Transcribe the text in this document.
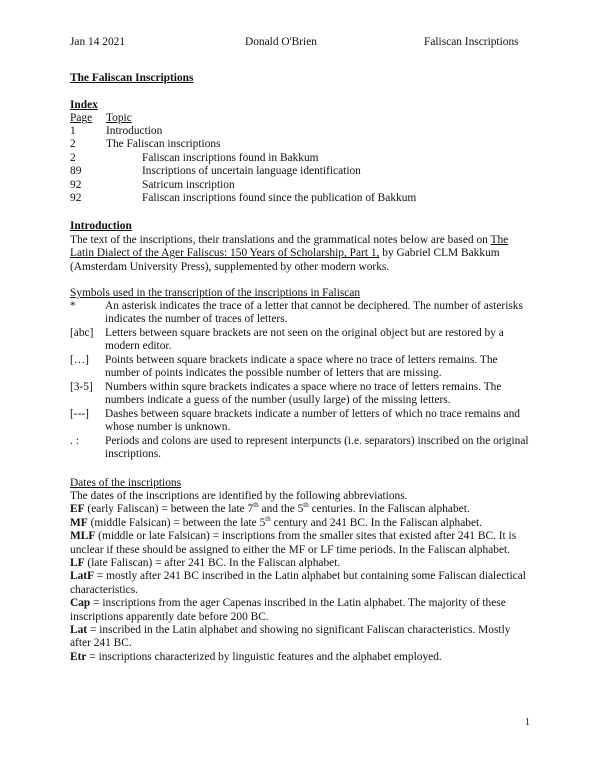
Jan 14 2021	Donald O'Brien	Faliscan Inscriptions
The Faliscan Inscriptions
Index
Page Topic
1	Introduction
2	The Faliscan inscriptions
2	Faliscan inscriptions found in Bakkum
89	Inscriptions of uncertain language identification
92	Satricum inscription
92	Faliscan inscriptions found since the publication of Bakkum
Introduction
The text of the inscriptions, their translations and the grammatical notes below are based on The
Latin Dialect of the Ager Faliscus: 150 Years of Scholarship, Part 1, by Gabriel CLM Bakkum
(Amsterdam University Press), supplemented by other modern works.
Symbols used in the transcription of the inscriptions in Faliscan
*	An asterisk indicates the trace of a letter that cannot be deciphered. The number of asterisks indicates the number of traces of letters.
[abc] Letters between square brackets are not seen on the original object but are restored by a modern editor.
[…] Points between square brackets indicate a space where no trace of letters remains. The number of points indicates the possible number of letters that are missing.
[3-5] Numbers within squre brackets indicates a space where no trace of letters remains. The numbers indicate a guess of the number (usully large) of the missing letters.
[---] Dashes between square brackets indicate a number of letters of which no trace remains and whose number is unknown.
. : Periods and colons are used to represent interpuncts (i.e. separators) inscribed on the original inscriptions.
Dates of the inscriptions
The dates of the inscriptions are identified by the following abbreviations.
EF (early Faliscan) = between the late 7th and the 5th centuries. In the Faliscan alphabet.
MF (middle Falsican) = between the late 5th century and 241 BC. In the Faliscan alphabet.
MLF (middle or late Falsican) = inscriptions from the smaller sites that existed after 241 BC. It is unclear if these should be assigned to either the MF or LF time periods. In the Faliscan alphabet.
LF (late Faliscan) = after 241 BC. In the Faliscan alphabet.
LatF = mostly after 241 BC inscribed in the Latin alphabet but containing some Faliscan dialectical characteristics.
Cap = inscriptions from the ager Capenas inscribed in the Latin alphabet. The majority of these inscriptions apparently date before 200 BC.
Lat = inscribed in the Latin alphabet and showing no significant Faliscan characteristics. Mostly after 241 BC.
Etr = inscriptions characterized by linguistic features and the alphabet employed.
1
